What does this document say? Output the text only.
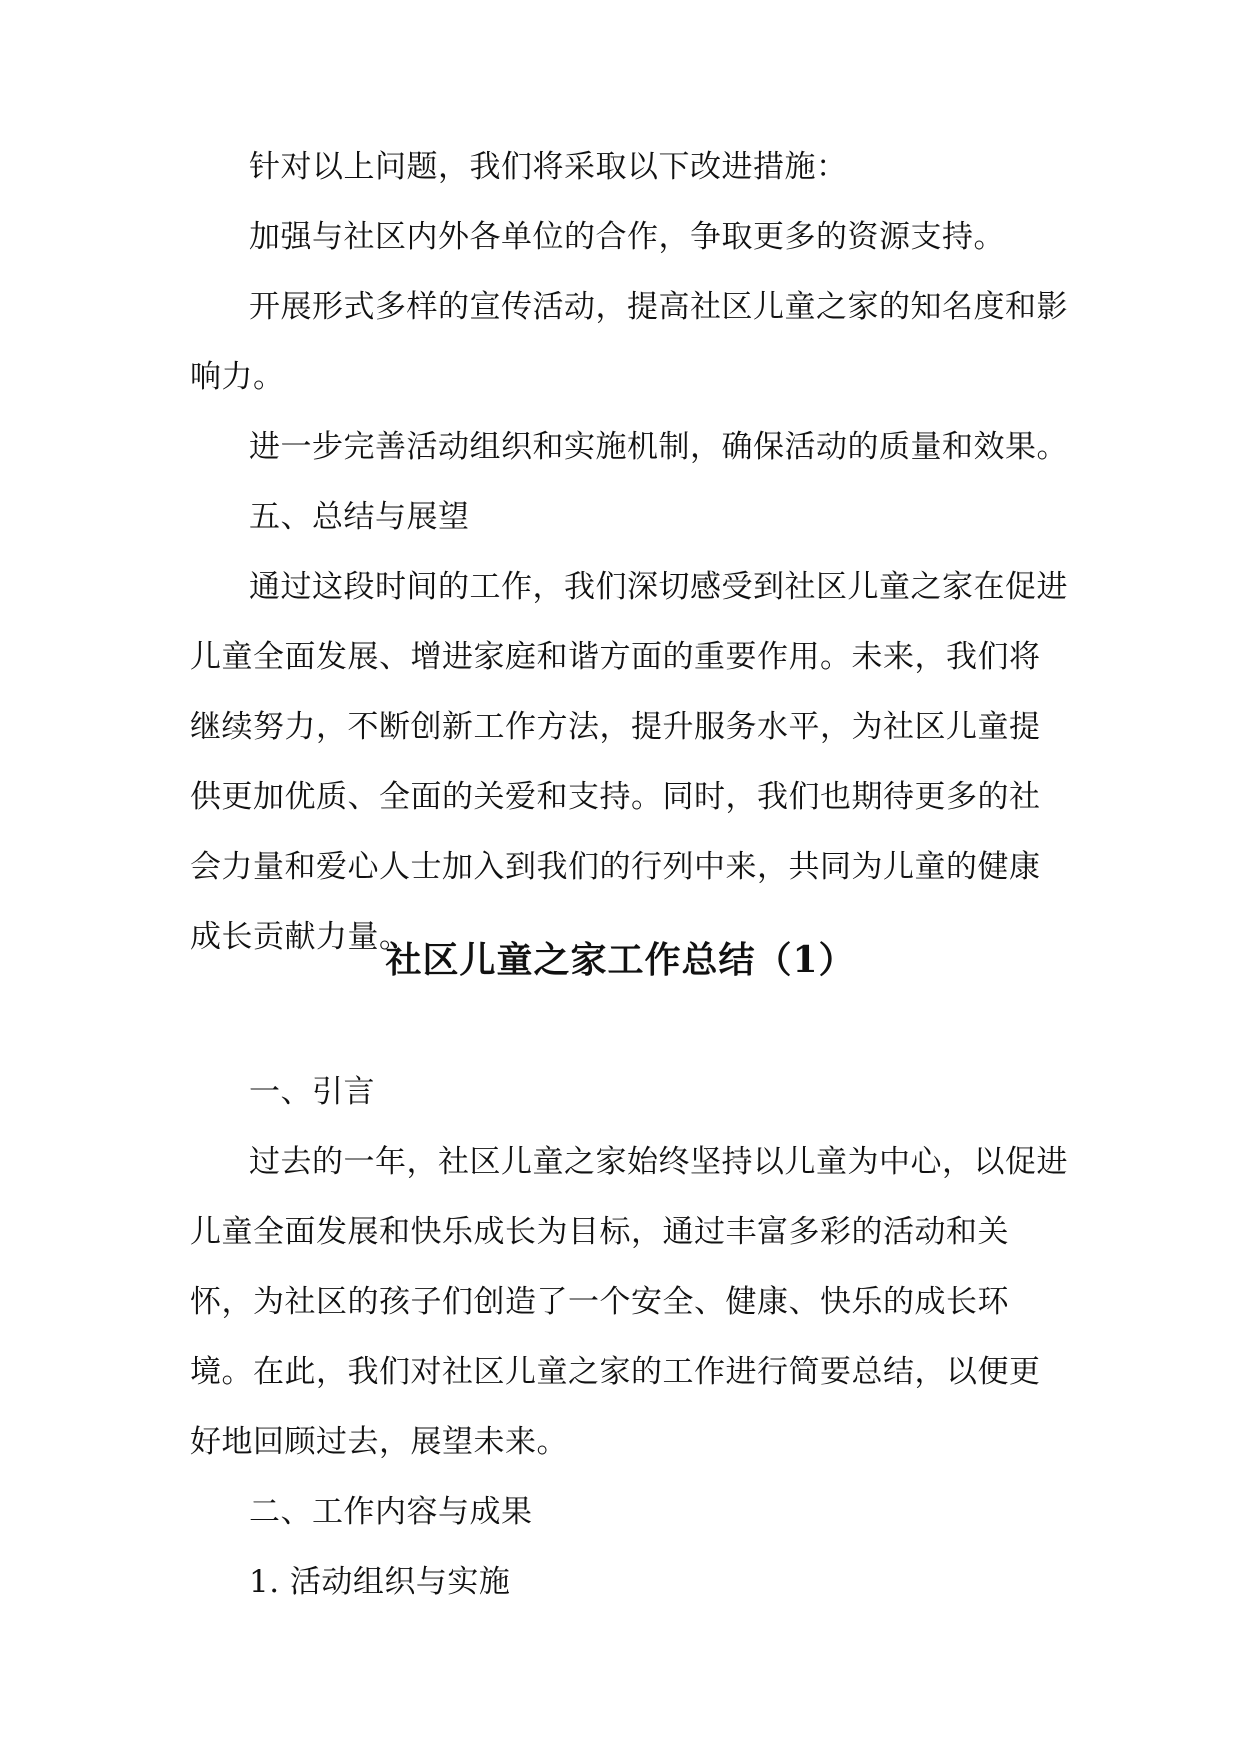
针对以上问题，我们将采取以下改进措施：

加强与社区内外各单位的合作，争取更多的资源支持。

开展形式多样的宣传活动，提高社区儿童之家的知名度和影响力。

进一步完善活动组织和实施机制，确保活动的质量和效果。

五、总结与展望

通过这段时间的工作，我们深切感受到社区儿童之家在促进儿童全面发展、增进家庭和谐方面的重要作用。未来，我们将继续努力，不断创新工作方法，提升服务水平，为社区儿童提供更加优质、全面的关爱和支持。同时，我们也期待更多的社会力量和爱心人士加入到我们的行列中来，共同为儿童的健康成长贡献力量。

社区儿童之家工作总结（1）

一、引言

过去的一年，社区儿童之家始终坚持以儿童为中心，以促进儿童全面发展和快乐成长为目标，通过丰富多彩的活动和关怀，为社区的孩子们创造了一个安全、健康、快乐的成长环境。在此，我们对社区儿童之家的工作进行简要总结，以便更好地回顾过去，展望未来。

二、工作内容与成果

1. 活动组织与实施
